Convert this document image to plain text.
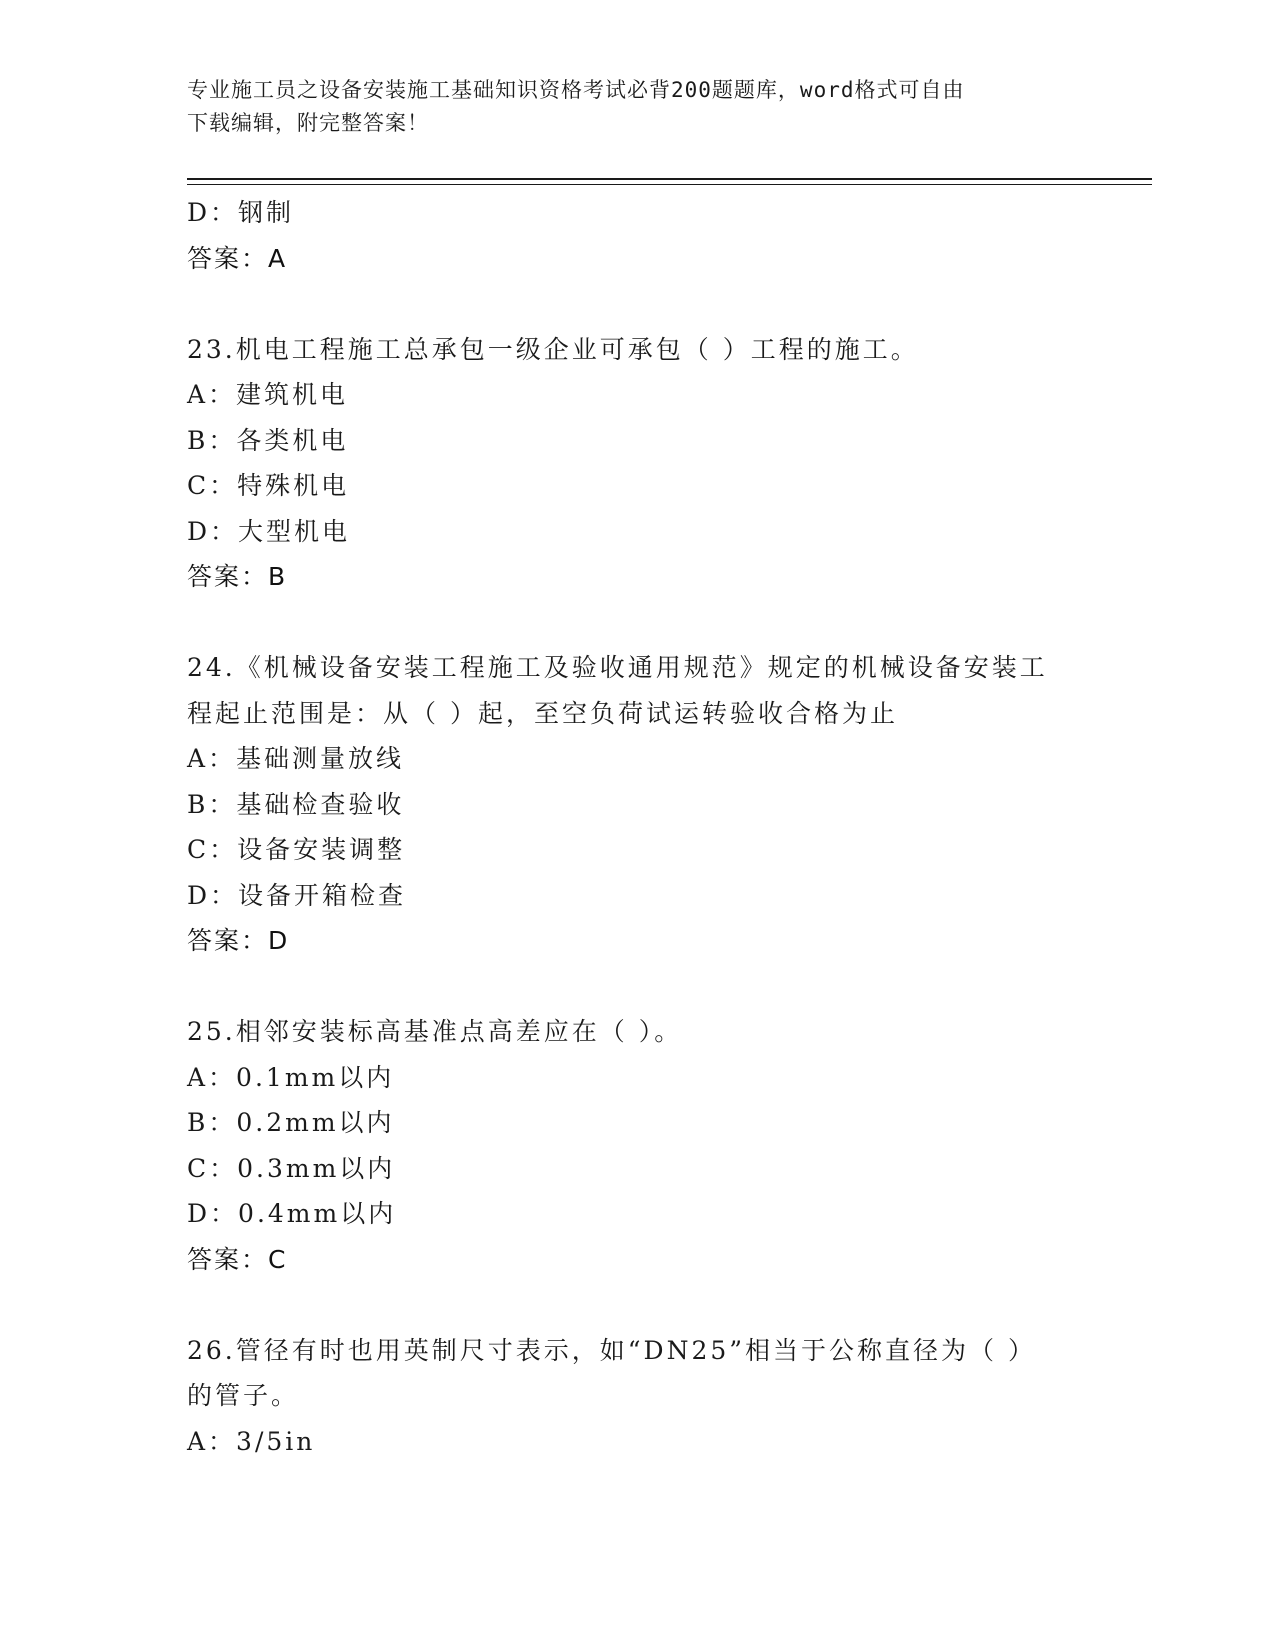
专业施工员之设备安装施工基础知识资格考试必背200题题库，word格式可自由
下载编辑，附完整答案！
D：钢制
答案：A
23.机电工程施工总承包一级企业可承包（ ）工程的施工。
A：建筑机电
B：各类机电
C：特殊机电
D：大型机电
答案：B
24.《机械设备安装工程施工及验收通用规范》规定的机械设备安装工
程起止范围是：从（ ）起，至空负荷试运转验收合格为止
A：基础测量放线
B：基础检查验收
C：设备安装调整
D：设备开箱检查
答案：D
25.相邻安装标高基准点高差应在（ ）。
A：0.1mm以内
B：0.2mm以内
C：0.3mm以内
D：0.4mm以内
答案：C
26.管径有时也用英制尺寸表示，如“DN25”相当于公称直径为（ ）
的管子。
A：3/5in
